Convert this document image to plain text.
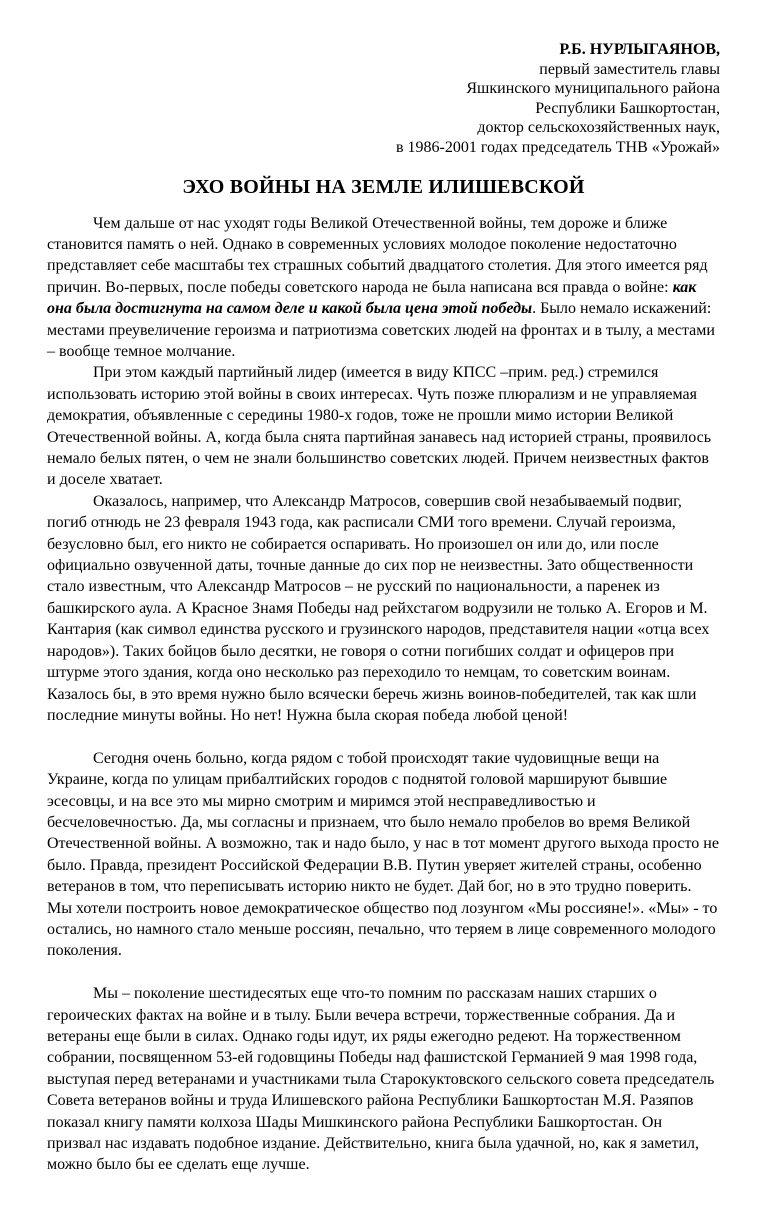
Р.Б. НУРЛЫГАЯНОВ,
первый заместитель главы
Яшкинского муниципального района
Республики Башкортостан,
доктор сельскохозяйственных наук,
в 1986-2001 годах председатель ТНВ «Урожай»
ЭХО ВОЙНЫ НА ЗЕМЛЕ ИЛИШЕВСКОЙ

Чем дальше от нас уходят годы Великой Отечественной войны, тем дороже и ближе становится память о ней. Однако в современных условиях молодое поколение недостаточно представляет себе масштабы тех страшных событий двадцатого столетия. Для этого имеется ряд причин. Во-первых, после победы советского народа не была написана вся правда о войне: как она была достигнута на самом деле и какой была цена этой победы. Было немало искажений: местами преувеличение героизма и патриотизма советских людей на фронтах и в тылу, а местами – вообще темное молчание.

При этом каждый партийный лидер (имеется в виду КПСС –прим. ред.) стремился использовать историю этой войны в своих интересах. Чуть позже плюрализм и не управляемая демократия, объявленные с середины 1980-х годов, тоже не прошли мимо истории Великой Отечественной войны. А, когда была снята партийная занавесь над историей страны, проявилось немало белых пятен, о чем не знали большинство советских людей. Причем неизвестных фактов и доселе хватает.

Оказалось, например, что Александр Матросов, совершив свой незабываемый подвиг, погиб отнюдь не 23 февраля 1943 года, как расписали СМИ того времени. Случай героизма, безусловно был, его никто не собирается оспаривать. Но произошел он или до, или после официально озвученной даты, точные данные до сих пор не неизвестны. Зато общественности стало известным, что Александр Матросов – не русский по национальности, а паренек из башкирского аула. А Красное Знамя Победы над рейхстагом водрузили не только А. Егоров и М. Кантария (как символ единства русского и грузинского народов, представителя нации «отца всех народов»). Таких бойцов было десятки, не говоря о сотни погибших солдат и офицеров при штурме этого здания, когда оно несколько раз переходило то немцам, то советским воинам. Казалось бы, в это время нужно было всячески беречь жизнь воинов-победителей, так как шли последние минуты войны. Но нет! Нужна была скорая победа любой ценой!

Сегодня очень больно, когда рядом с тобой происходят такие чудовищные вещи на Украине, когда по улицам прибалтийских городов с поднятой головой маршируют бывшие эсесовцы, и на все это мы мирно смотрим и миримся этой несправедливостью и бесчеловечностью. Да, мы согласны и признаем, что было немало пробелов во время Великой Отечественной войны. А возможно, так и надо было, у нас в тот момент другого выхода просто не было. Правда, президент Российской Федерации В.В. Путин уверяет жителей страны, особенно ветеранов в том, что переписывать историю никто не будет. Дай бог, но в это трудно поверить. Мы хотели построить новое демократическое общество под лозунгом «Мы россияне!». «Мы» - то остались, но намного стало меньше россиян, печально, что теряем в лице современного молодого поколения.

Мы – поколение шестидесятых еще что-то помним по рассказам наших старших о героических фактах на войне и в тылу. Были вечера встречи, торжественные собрания. Да и ветераны еще были в силах. Однако годы идут, их ряды ежегодно редеют. На торжественном собрании, посвященном 53-ей годовщины Победы над фашистской Германией 9 мая 1998 года, выступая перед ветеранами и участниками тыла Старокуктовского сельского совета председатель Совета ветеранов войны и труда Илишевского района Республики Башкортостан М.Я. Разяпов показал книгу памяти колхоза Шады Мишкинского района Республики Башкортостан. Он призвал нас издавать подобное издание. Действительно, книга была удачной, но, как я заметил, можно было бы ее сделать еще лучше.
